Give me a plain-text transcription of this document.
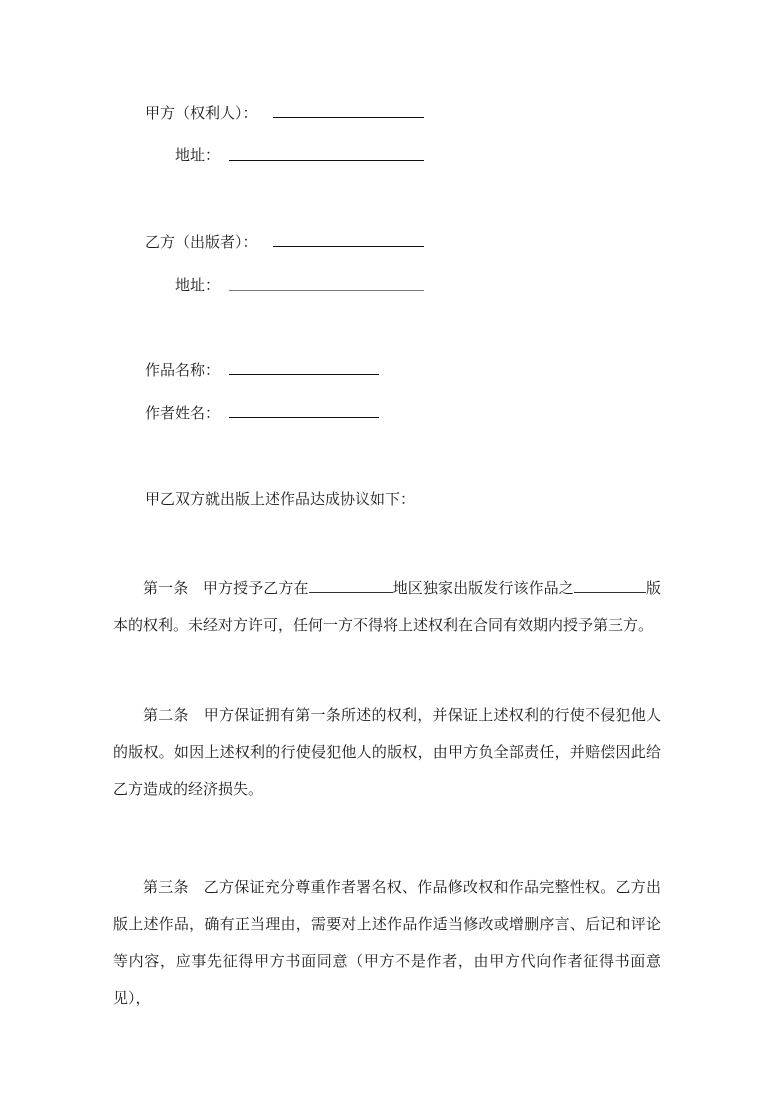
甲方（权利人）：
地址：
乙方（出版者）：
地址：
作品名称：
作者姓名：
甲乙双方就出版上述作品达成协议如下：
第一条 甲方授予乙方在	地区独家出版发行该作品之	版本的权利。未经对方许可，任何一方不得将上述权利在合同有效期内授予第三方。
第二条 甲方保证拥有第一条所述的权利，并保证上述权利的行使不侵犯他人的版权。如因上述权利的行使侵犯他人的版权，由甲方负全部责任，并赔偿因此给乙方造成的经济损失。
第三条 乙方保证充分尊重作者署名权、作品修改权和作品完整性权。乙方出版上述作品，确有正当理由，需要对上述作品作适当修改或增删序言、后记和评论等内容，应事先征得甲方书面同意（甲方不是作者，由甲方代向作者征得书面意见），
